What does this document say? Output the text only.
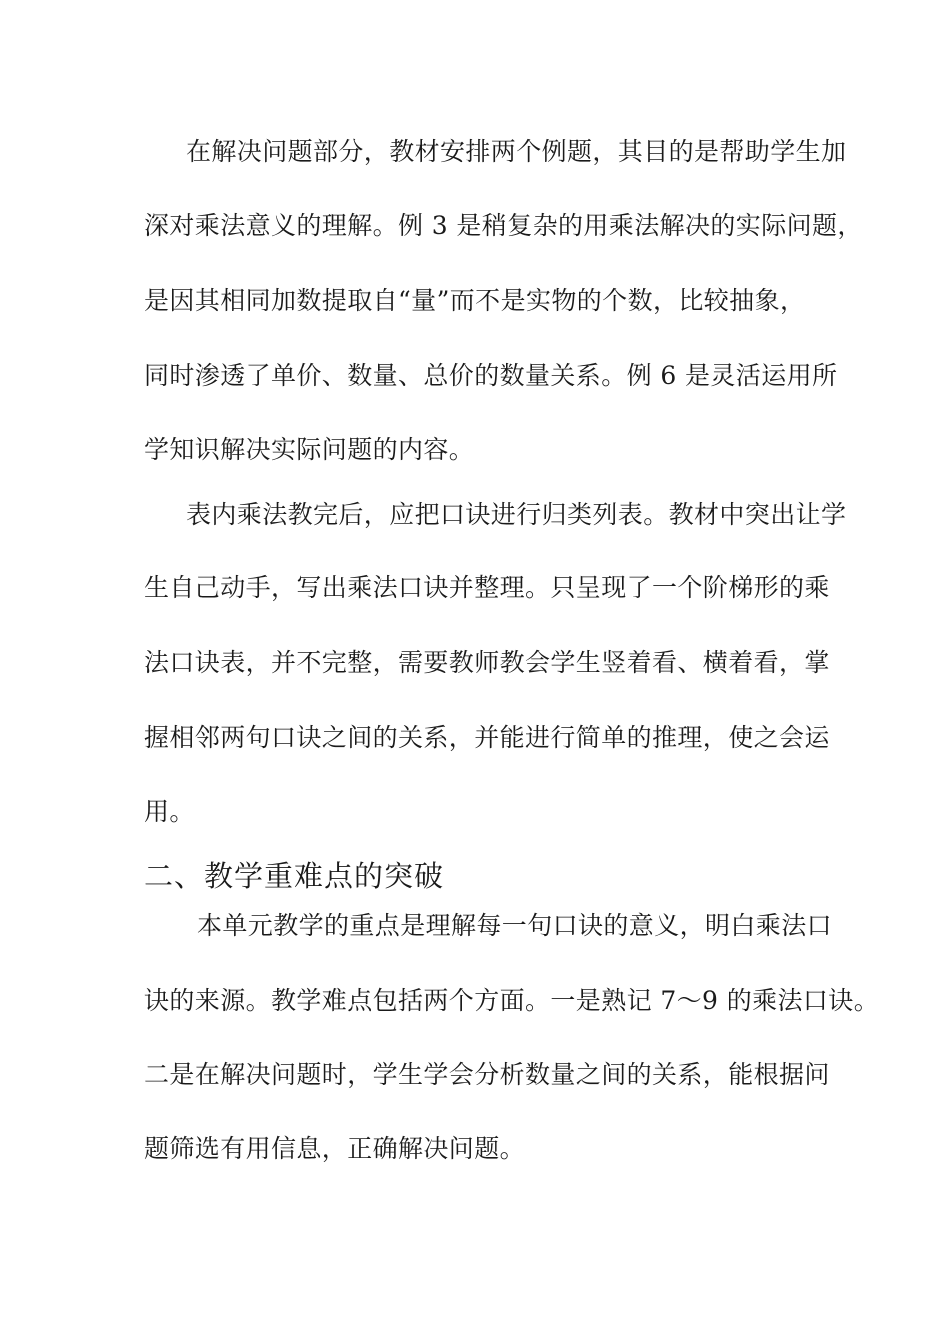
在解决问题部分，教材安排两个例题，其目的是帮助学生加
深对乘法意义的理解。例 3 是稍复杂的用乘法解决的实际问题，
是因其相同加数提取自“量”而不是实物的个数，比较抽象，
同时渗透了单价、数量、总价的数量关系。例 6 是灵活运用所
学知识解决实际问题的内容。
表内乘法教完后，应把口诀进行归类列表。教材中突出让学
生自己动手，写出乘法口诀并整理。只呈现了一个阶梯形的乘
法口诀表，并不完整，需要教师教会学生竖着看、横着看，掌
握相邻两句口诀之间的关系，并能进行简单的推理，使之会运
用。
二、教学重难点的突破
本单元教学的重点是理解每一句口诀的意义，明白乘法口
诀的来源。教学难点包括两个方面。一是熟记 7～9 的乘法口诀。
二是在解决问题时，学生学会分析数量之间的关系，能根据问
题筛选有用信息，正确解决问题。
